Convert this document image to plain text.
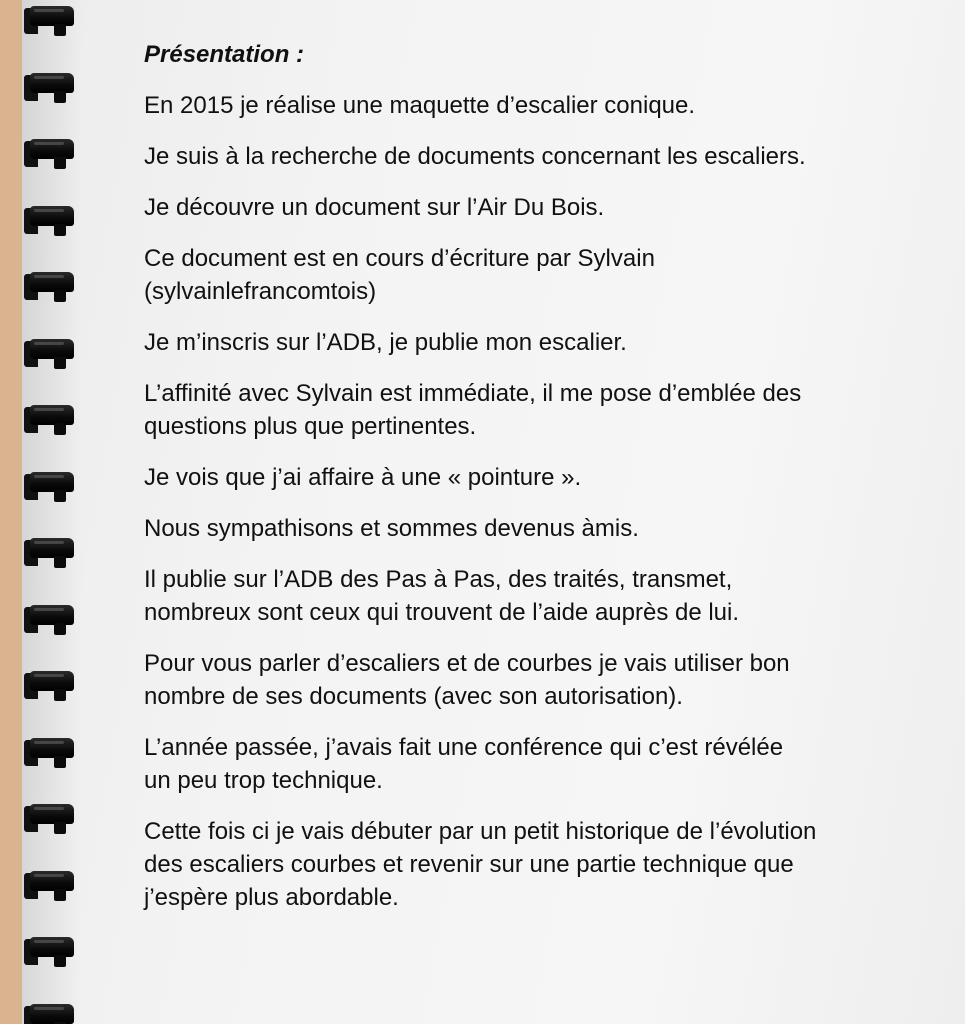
Présentation :
En 2015 je réalise une maquette d’escalier conique.
Je suis à la recherche de documents concernant les escaliers.
Je découvre un document sur l’Air Du Bois.
Ce document est en cours d’écriture par Sylvain
(sylvainlefrancomtois)
Je m’inscris sur l’ADB, je publie mon escalier.
L’affinité avec Sylvain est immédiate, il me pose d’emblée des
questions plus que pertinentes.
Je vois que j’ai affaire à une « pointure ».
Nous sympathisons et sommes devenus àmis.
Il publie sur l’ADB des Pas à Pas, des traités, transmet,
nombreux sont ceux qui trouvent de l’aide auprès de lui.
Pour vous parler d’escaliers et de courbes je vais utiliser bon
nombre de ses documents (avec son autorisation).
L’année passée, j’avais fait une conférence qui c’est révélée
un peu trop technique.
Cette fois ci je vais débuter par un petit historique de l’évolution
des escaliers courbes et revenir sur une partie technique que
j’espère plus abordable.
